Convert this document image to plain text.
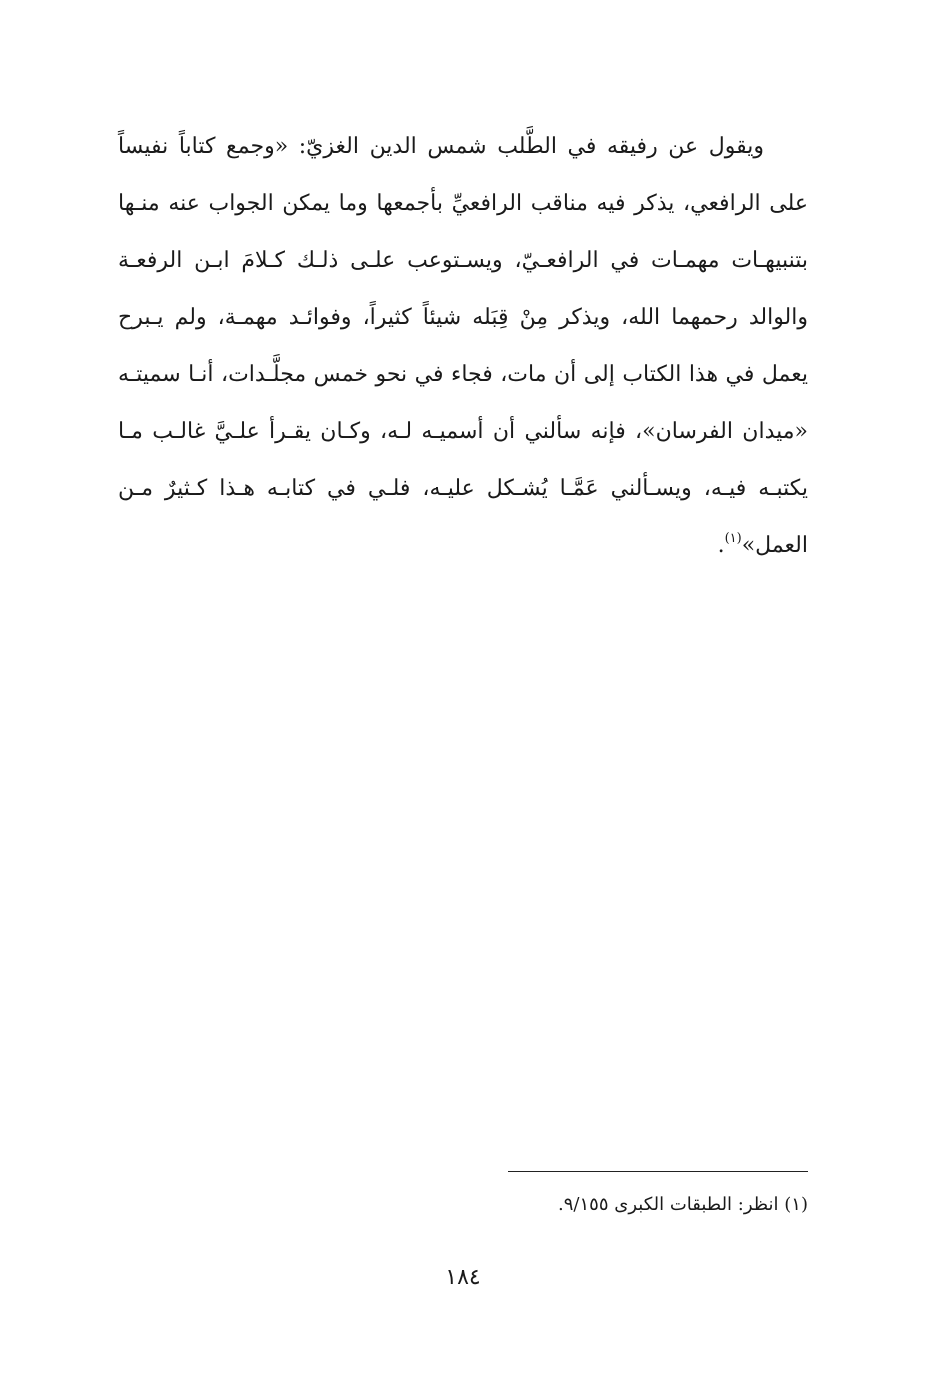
ويقول عن رفيقه في الطَّلب شمس الدين الغزيّ: «وجمع كتاباً نفيساً
على الرافعي، يذكر فيه مناقب الرافعيِّ بأجمعها وما يمكن الجواب عنه منـها
بتنبيهـات مهمـات في الرافعـيّ، ويسـتوعب علـى ذلـك كـلامَ ابـن الرفعـة
والوالد رحمهما الله، ويذكر مِنْ قِبَله شيئاً كثيراً، وفوائـد مهمـة، ولم يـبرح
يعمل في هذا الكتاب إلى أن مات، فجاء في نحو خمس مجلَّـدات، أنـا سميتـه
«ميدان الفرسان»، فإنه سألني أن أسميـه لـه، وكـان يقـرأ علـيَّ غالـب مـا
يكتبـه فيـه، ويسـألني عَمَّـا يُشـكل عليـه، فلـي في كتابـه هـذا كـثيرٌ مـن
العمل»$^{(١)}$.
(١) انظر: الطبقات الكبرى ٩/١٥٥.
١٨٤
